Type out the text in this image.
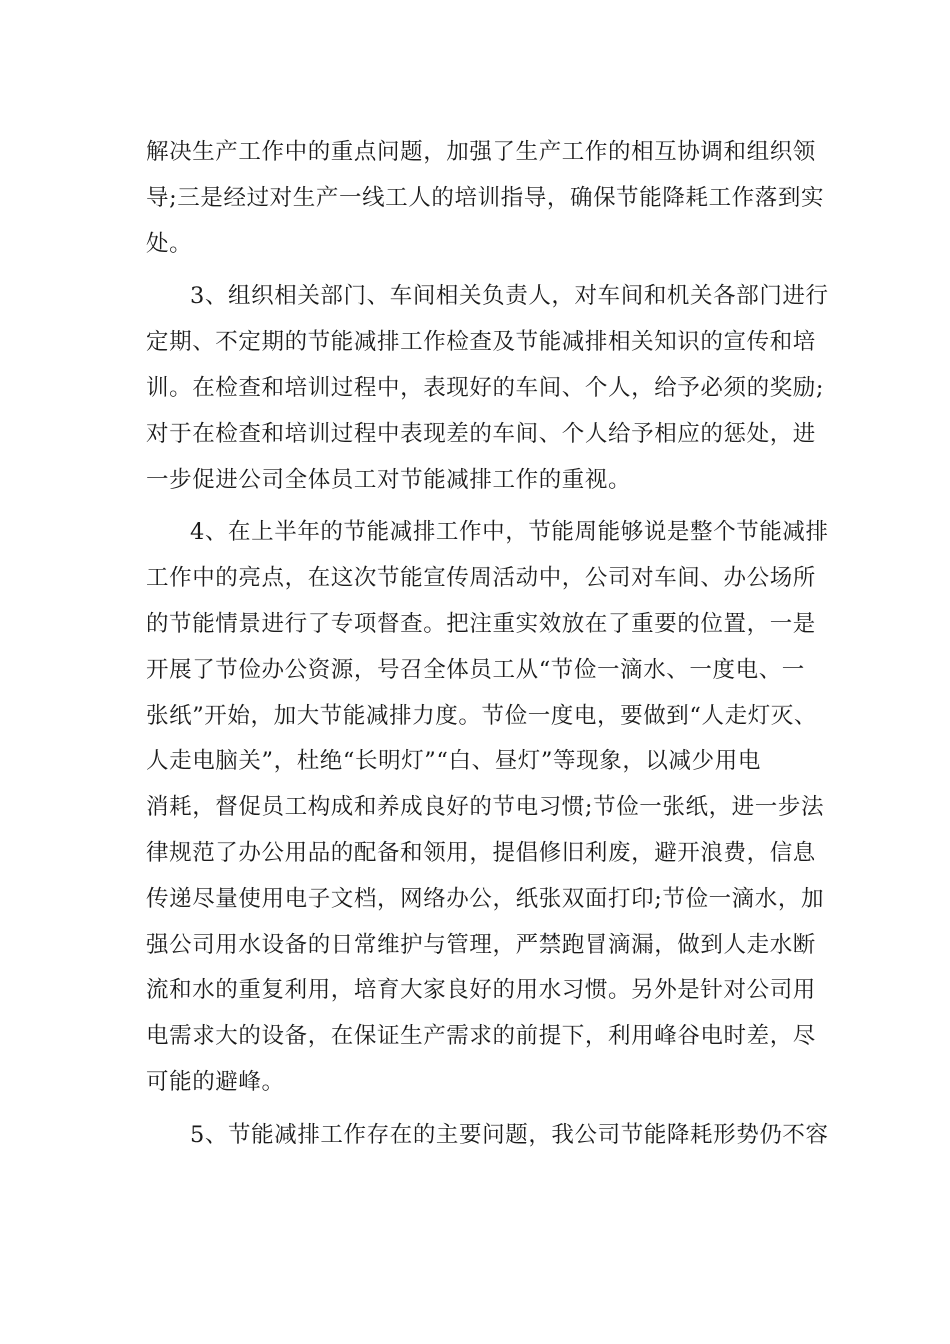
解决生产工作中的重点问题，加强了生产工作的相互协调和组织领
导;三是经过对生产一线工人的培训指导，确保节能降耗工作落到实
处。
3、组织相关部门、车间相关负责人，对车间和机关各部门进行
定期、不定期的节能减排工作检查及节能减排相关知识的宣传和培
训。在检查和培训过程中，表现好的车间、个人，给予必须的奖励;
对于在检查和培训过程中表现差的车间、个人给予相应的惩处，进
一步促进公司全体员工对节能减排工作的重视。
4、在上半年的节能减排工作中，节能周能够说是整个节能减排
工作中的亮点，在这次节能宣传周活动中，公司对车间、办公场所
的节能情景进行了专项督查。把注重实效放在了重要的位置，一是
开展了节俭办公资源，号召全体员工从“节俭一滴水、一度电、一
张纸”开始，加大节能减排力度。节俭一度电，要做到“人走灯灭、
人走电脑关”，杜绝“长明灯”“白、昼灯”等现象，以减少用电
消耗，督促员工构成和养成良好的节电习惯;节俭一张纸，进一步法
律规范了办公用品的配备和领用，提倡修旧利废，避开浪费，信息
传递尽量使用电子文档，网络办公，纸张双面打印;节俭一滴水，加
强公司用水设备的日常维护与管理，严禁跑冒滴漏，做到人走水断
流和水的重复利用，培育大家良好的用水习惯。另外是针对公司用
电需求大的设备，在保证生产需求的前提下，利用峰谷电时差，尽
可能的避峰。
5、节能减排工作存在的主要问题，我公司节能降耗形势仍不容
